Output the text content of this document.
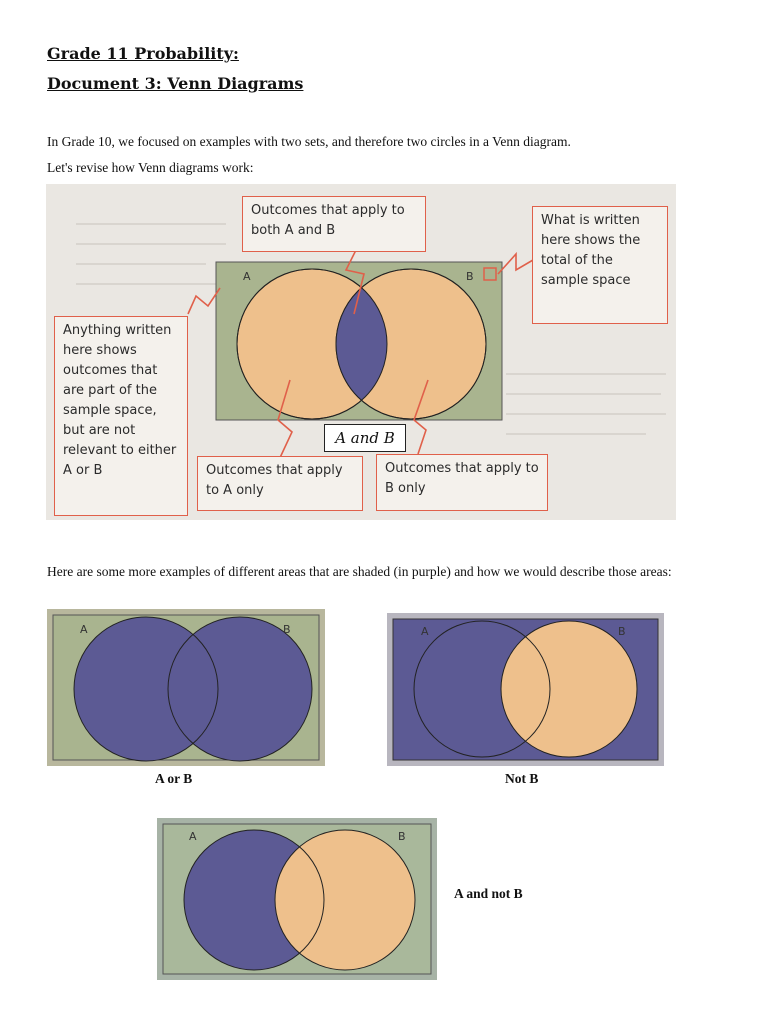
Grade 11 Probability:
Document 3: Venn Diagrams
In Grade 10, we focused on examples with two sets, and therefore two circles in a Venn diagram.
Let's revise how Venn diagrams work:
A	B
Outcomes that apply to both A and B
What is written here shows the total of the sample space
Anything written here shows outcomes that are part of the sample space, but are not relevant to either A or B	Outcomes that apply to A only
Outcomes that apply to B only
A and B
Here are some more examples of different areas that are shaded (in purple) and how we would describe those areas:
A	B
A or B
A	B
Not B
A	B
A and not B
